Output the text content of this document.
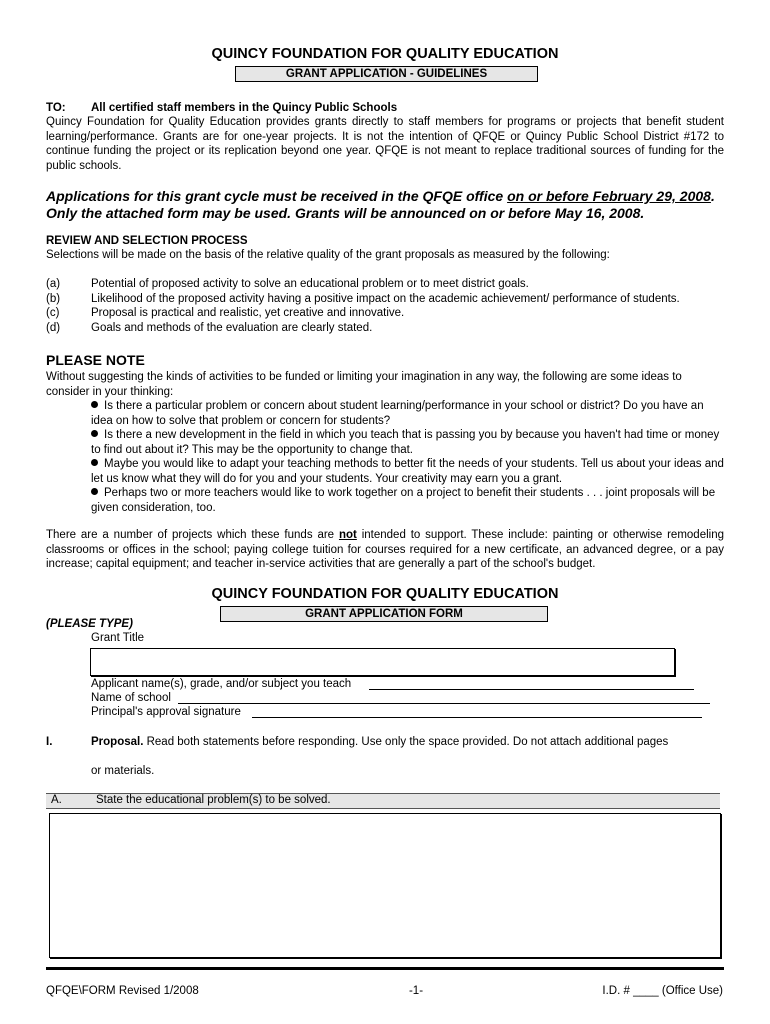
QUINCY FOUNDATION FOR QUALITY EDUCATION
GRANT APPLICATION - GUIDELINES
TO: All certified staff members in the Quincy Public Schools
Quincy Foundation for Quality Education provides grants directly to staff members for programs or projects that benefit student learning/performance. Grants are for one-year projects. It is not the intention of QFQE or Quincy Public School District #172 to continue funding the project or its replication beyond one year. QFQE is not meant to replace traditional sources of funding for the public schools.
Applications for this grant cycle must be received in the QFQE office on or before February 29, 2008. Only the attached form may be used. Grants will be announced on or before May 16, 2008.
REVIEW AND SELECTION PROCESS
Selections will be made on the basis of the relative quality of the grant proposals as measured by the following:
(a)	Potential of proposed activity to solve an educational problem or to meet district goals.
(b)	Likelihood of the proposed activity having a positive impact on the academic achievement/ performance of students.
(c)	Proposal is practical and realistic, yet creative and innovative.
(d)	Goals and methods of the evaluation are clearly stated.
PLEASE NOTE
Without suggesting the kinds of activities to be funded or limiting your imagination in any way, the following are some ideas to consider in your thinking:
Is there a particular problem or concern about student learning/performance in your school or district? Do you have an idea on how to solve that problem or concern for students?
Is there a new development in the field in which you teach that is passing you by because you haven't had time or money to find out about it? This may be the opportunity to change that.
Maybe you would like to adapt your teaching methods to better fit the needs of your students. Tell us about your ideas and let us know what they will do for you and your students. Your creativity may earn you a grant.
Perhaps two or more teachers would like to work together on a project to benefit their students . . . joint proposals will be given consideration, too.
There are a number of projects which these funds are not intended to support. These include: painting or otherwise remodeling classrooms or offices in the school; paying college tuition for courses required for a new certificate, an advanced degree, or a pay increase; capital equipment; and teacher in-service activities that are generally a part of the school's budget.
QUINCY FOUNDATION FOR QUALITY EDUCATION
GRANT APPLICATION FORM
(PLEASE TYPE)
Grant Title
Applicant name(s), grade, and/or subject you teach
Name of school
Principal's approval signature
I.	Proposal. Read both statements before responding. Use only the space provided. Do not attach additional pages
or materials.
A.	State the educational problem(s) to be solved.
QFQE\FORM Revised 1/2008	-1-	I.D. # ____ (Office Use)
